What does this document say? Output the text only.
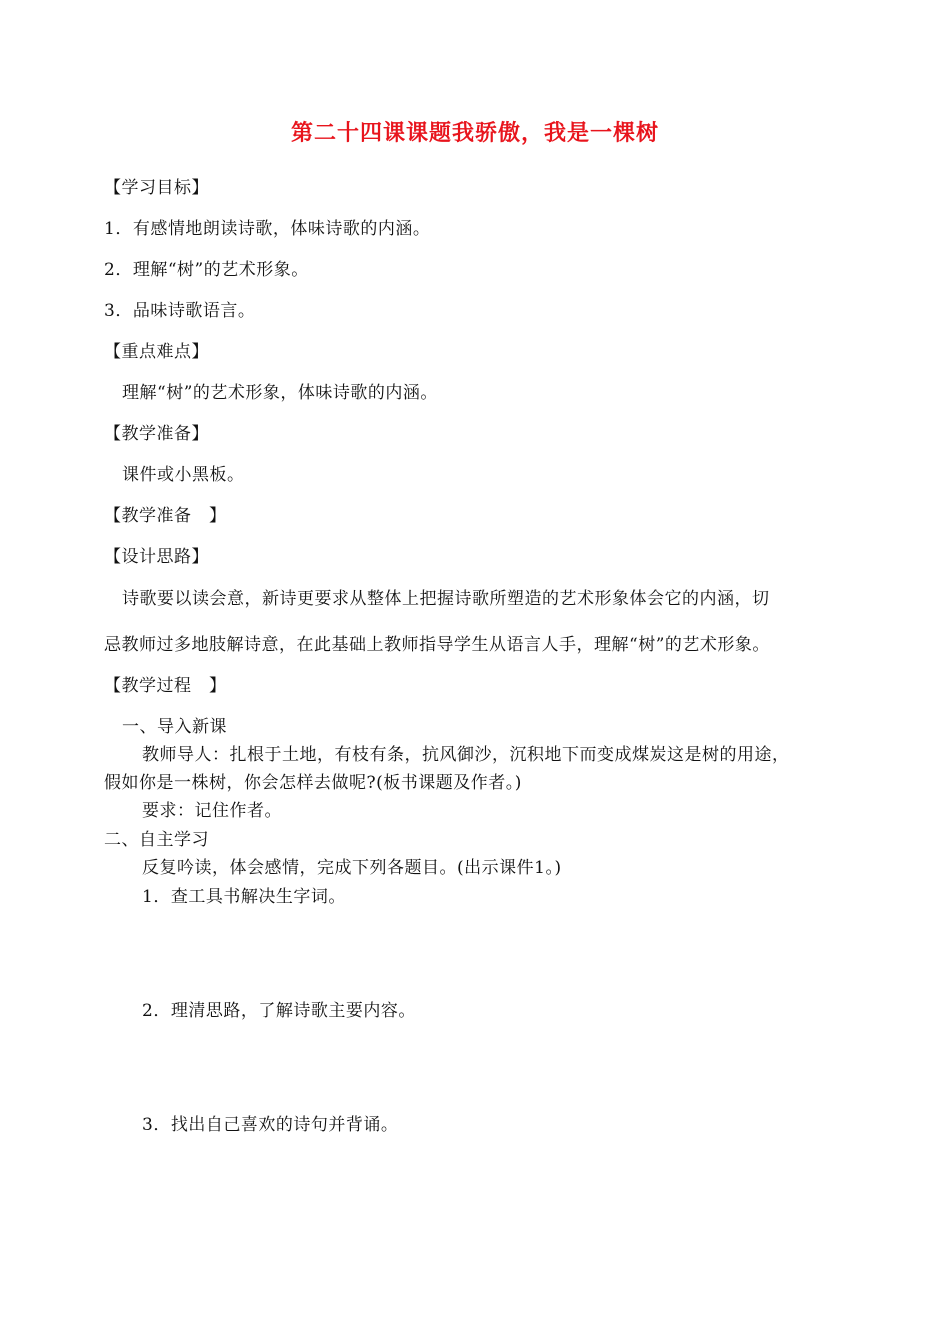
第二十四课课题我骄傲，我是一棵树
【学习目标】
1．有感情地朗读诗歌，体味诗歌的内涵。
2．理解“树”的艺术形象。
3．品味诗歌语言。
【重点难点】
理解“树”的艺术形象，体味诗歌的内涵。
【教学准备】
课件或小黑板。
【教学准备　】
【设计思路】
诗歌要以读会意，新诗更要求从整体上把握诗歌所塑造的艺术形象体会它的内涵，切
忌教师过多地肢解诗意，在此基础上教师指导学生从语言人手，理解“树”的艺术形象。
【教学过程　】
一、导入新课
教师导人：扎根于土地，有枝有条，抗风御沙，沉积地下而变成煤炭这是树的用途，
假如你是一株树，你会怎样去做呢?(板书课题及作者。)
要求：记住作者。
二、自主学习
反复吟读，体会感情，完成下列各题目。(出示课件1。)
1．查工具书解决生字词。
2．理清思路，了解诗歌主要内容。
3．找出自己喜欢的诗句并背诵。
